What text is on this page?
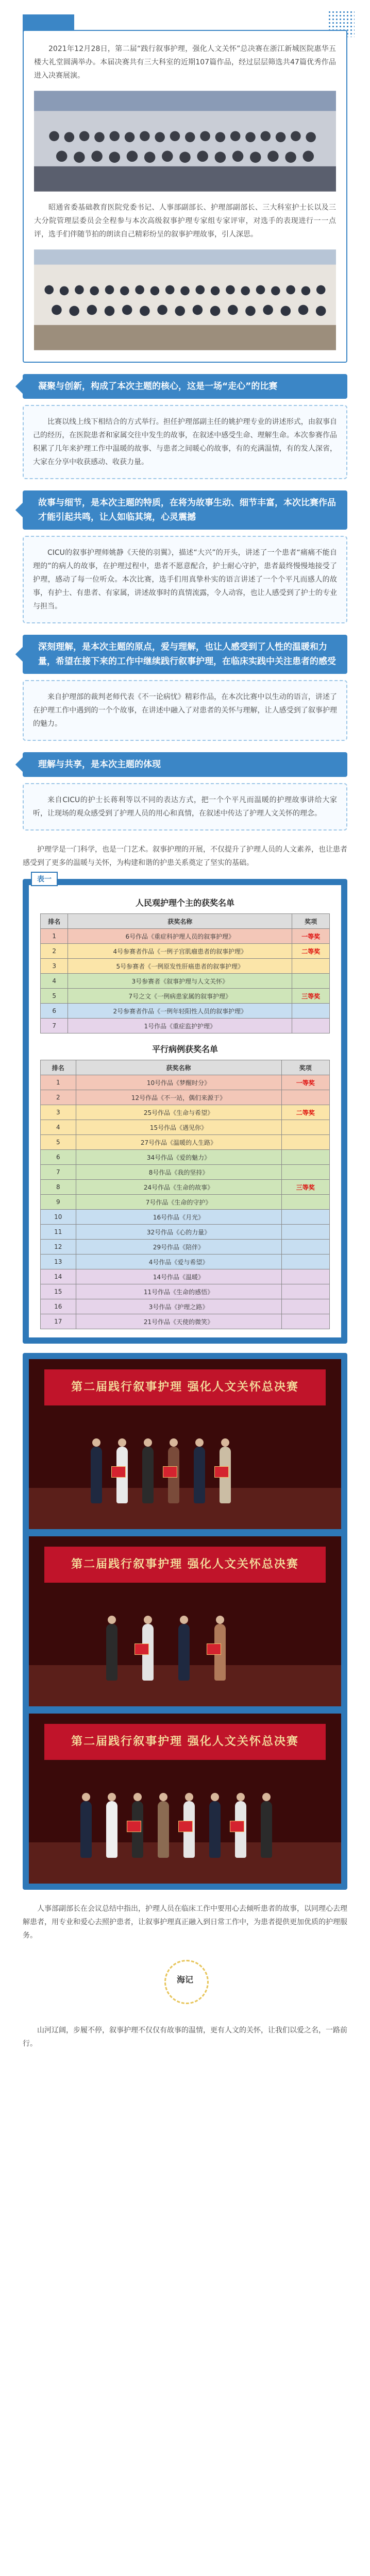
2021年12月28日，第二届“践行叙事护理，强化人文关怀”总决赛在浙江新城医院惠华五楼大礼堂圆满举办。本届决赛共有三大科室的近期107篇作品，经过层层筛选共47篇优秀作品进入决赛展演。

昭通省委基础教育医院党委书记、人事部副部长、护理部副部长、三大科室护士长以及三大分院管理层委员会全程参与本次高级叙事护理专家组专家评审，对选手的表现进行一一点评，选手们伴随节拍的朗读自己精彩纷呈的叙事护理故事，引人深思。

凝聚与创新，构成了本次主题的核心，这是一场“走心”的比赛

比赛以线上线下相结合的方式举行。担任护理部副主任的姚护理专业的讲述形式，由叙事自己的经历，在医院患者和家属交往中发生的故事，在叙述中感受生命、理解生命。本次参赛作品积累了几年来护理工作中温暖的故事、与患者之间暖心的故事，有的充满温情，有的发人深省，大家在分享中收获感动、收获力量。

故事与细节，是本次主题的特质，在将为故事生动、细节丰富，本次比赛作品才能引起共鸣，让人如临其境，心灵震撼

CICU的叙事护理师姚静《天使的羽翼》，描述“大兴”的开头，讲述了一个患者“痛痛不能自理的”的病人的故事，在护理过程中，患者不愿意配合，护士耐心守护，患者最终慢慢地接受了护理，感动了每一位听众。本次比赛，选手们用真挚朴实的语言讲述了一个个平凡而感人的故事，有护士、有患者、有家属，讲述故事时的真情流露，令人动容，也让人感受到了护士的专业与担当。

深刻理解，是本次主题的原点，爱与理解，也让人感受到了人性的温暖和力量，希望在接下来的工作中继续践行叙事护理，在临床实践中关注患者的感受

来自护理部的裁判老师代表《不一论病忧》精彩作品，在本次比赛中以生动的语言，讲述了在护理工作中遇到的一个个故事，在讲述中融入了对患者的关怀与理解，让人感受到了叙事护理的魅力。

理解与共享，是本次主题的体现

来自CICU的护士长蒋利等以不同的表达方式，把一个个平凡而温暖的护理故事讲给大家听，让现场的观众感受到了护理人员的用心和真情，在叙述中传达了护理人文关怀的理念。

护理学是一门科学，也是一门艺术。叙事护理的开展，不仅提升了护理人员的人文素养，也让患者感受到了更多的温暖与关怀，为构建和谐的护患关系奠定了坚实的基础。

表一
人民观护理个主的获奖名单
排名	获奖名称	奖项
1	6号作品《重症科护理人员的叙事护理》	一等奖
2	4号参赛者作品《一例子宫肌瘤患者的叙事护理》	二等奖
3	5号参赛者《一例原发性肝癌患者的叙事护理》	
4	3号参赛者《叙事护理与人文关怀》	
5	7号之文《一例病患家属的叙事护理》	三等奖
6	2号参赛者作品《一例年轻阳性人员的叙事护理》	
7	1号作品《重症监护护理》	
平行病例获奖名单
排名	获奖名称	奖项
1	10号作品《梦醒时分》	一等奖
2	12号作品《不一站，偶们来源于》	
3	25号作品《生命与希望》	二等奖
4	15号作品《遇见你》	
5	27号作品《温暖的人生路》	
6	34号作品《爱的魅力》	
7	8号作品《我的坚持》	
8	24号作品《生命的故事》	三等奖
9	7号作品《生命的守护》	
10	16号作品《月光》	
11	32号作品《心的力量》	
12	29号作品《陪伴》	
13	4号作品《爱与希望》	
14	14号作品《温暖》	
15	11号作品《生命的感悟》	
16	3号作品《护理之路》	
17	21号作品《天使的微笑》	
第二届践行叙事护理 强化人文关怀总决赛
第二届践行叙事护理 强化人文关怀总决赛
第二届践行叙事护理 强化人文关怀总决赛

人事部副部长在会议总结中指出，护理人员在临床工作中要用心去倾听患者的故事，以同理心去理解患者，用专业和爱心去照护患者，让叙事护理真正融入到日常工作中，为患者提供更加优质的护理服务。

海记

山河辽阔，步履不停，叙事护理不仅仅有故事的温情，更有人文的关怀，让我们以爱之名，一路前行。
